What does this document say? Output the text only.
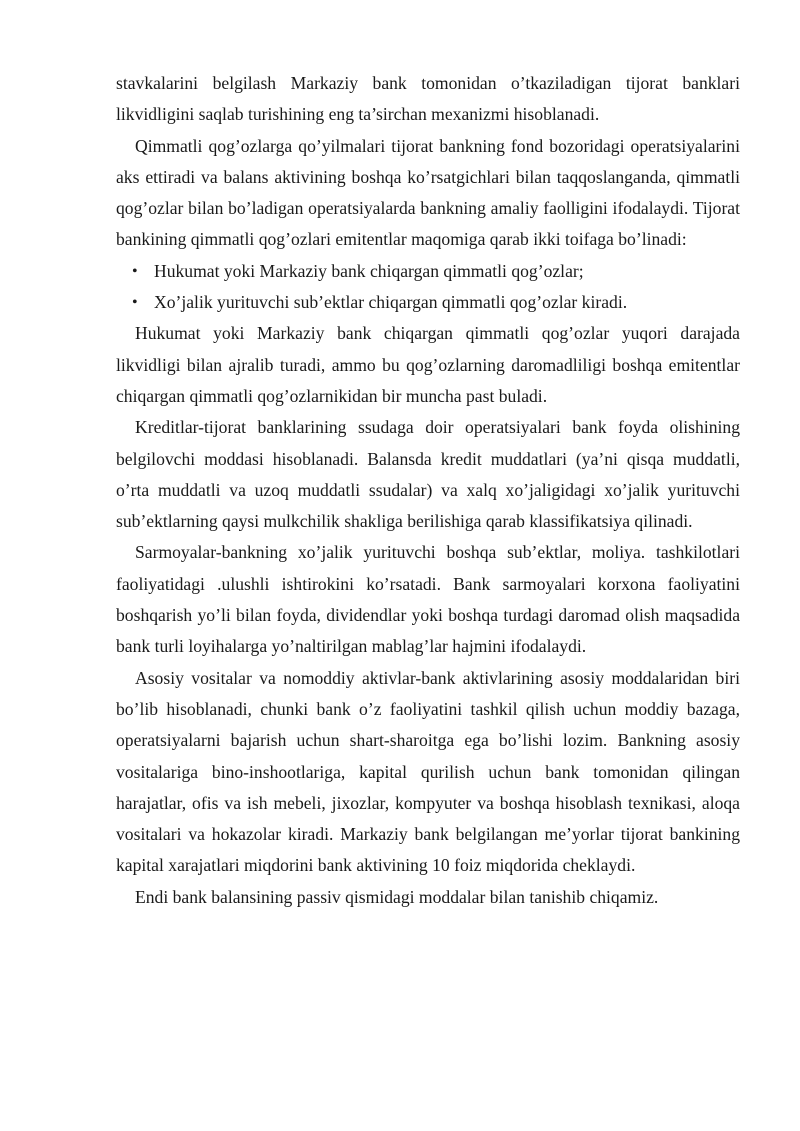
stavkalarini belgilash Markaziy bank tomonidan o’tkaziladigan tijorat banklari likvidligini saqlab turishining eng ta’sirchan mexanizmi hisoblanadi.

Qimmatli qog’ozlarga qo’yilmalari tijorat bankning fond bozoridagi operatsiyalarini aks ettiradi va balans aktivining boshqa ko’rsatgichlari bilan taqqoslanganda, qimmatli qog’ozlar bilan bo’ladigan operatsiyalarda bankning amaliy faolligini ifodalaydi. Tijorat bankining qimmatli qog’ozlari emitentlar maqomiga qarab ikki toifaga bo’linadi:

• Hukumat yoki Markaziy bank chiqargan qimmatli qog’ozlar;
• Xo’jalik yurituvchi sub’ektlar chiqargan qimmatli qog’ozlar kiradi.

Hukumat yoki Markaziy bank chiqargan qimmatli qog’ozlar yuqori darajada likvidligi bilan ajralib turadi, ammo bu qog’ozlarning daromadliligi boshqa emitentlar chiqargan qimmatli qog’ozlarnikidan bir muncha past buladi.

Kreditlar-tijorat banklarining ssudaga doir operatsiyalari bank foyda olishining belgilovchi moddasi hisoblanadi. Balansda kredit muddatlari (ya’ni qisqa muddatli, o’rta muddatli va uzoq muddatli ssudalar) va xalq xo’jaligidagi xo’jalik yurituvchi sub’ektlarning qaysi mulkchilik shakliga berilishiga qarab klassifikatsiya qilinadi.

Sarmoyalar-bankning xo’jalik yurituvchi boshqa sub’ektlar, moliya. tashkilotlari faoliyatidagi .ulushli ishtirokini ko’rsatadi. Bank sarmoyalari korxona faoliyatini boshqarish yo’li bilan foyda, dividendlar yoki boshqa turdagi daromad olish maqsadida bank turli loyihalarga yo’naltirilgan mablag’lar hajmini ifodalaydi.

Asosiy vositalar va nomoddiy aktivlar-bank aktivlarining asosiy moddalaridan biri bo’lib hisoblanadi, chunki bank o’z faoliyatini tashkil qilish uchun moddiy bazaga, operatsiyalarni bajarish uchun shart-sharoitga ega bo’lishi lozim. Bankning asosiy vositalariga bino-inshootlariga, kapital qurilish uchun bank tomonidan qilingan harajatlar, ofis va ish mebeli, jixozlar, kompyuter va boshqa hisoblash texnikasi, aloqa vositalari va hokazolar kiradi. Markaziy bank belgilangan me’yorlar tijorat bankining kapital xarajatlari miqdorini bank aktivining 10 foiz miqdorida cheklaydi.

Endi bank balansining passiv qismidagi moddalar bilan tanishib chiqamiz.
